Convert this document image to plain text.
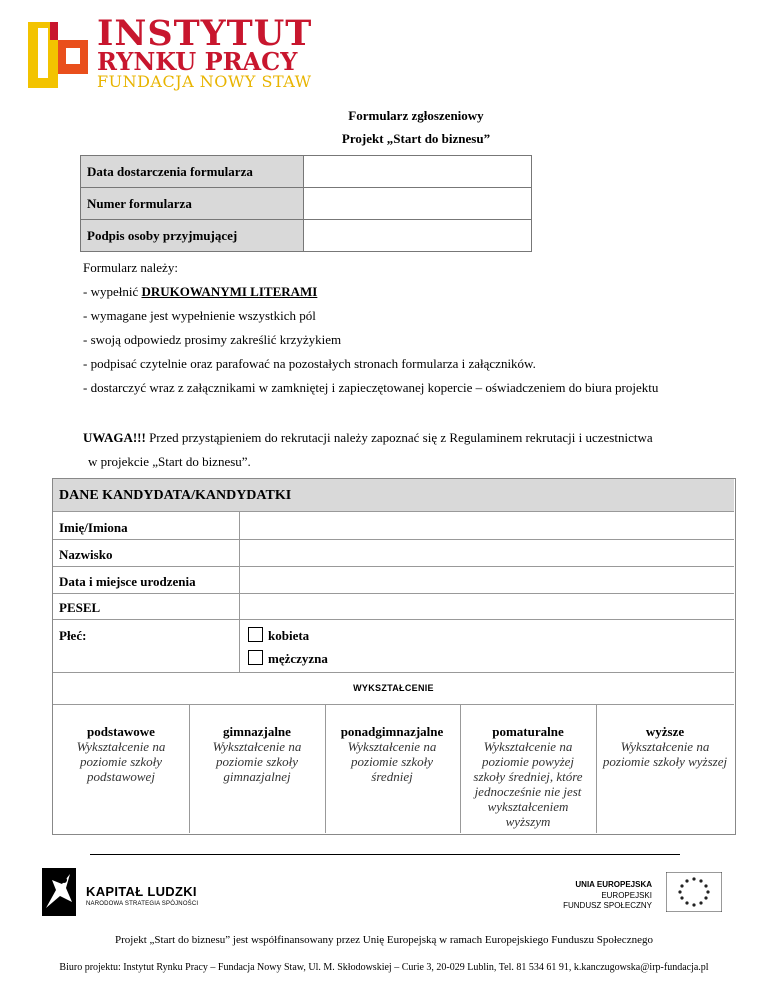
INSTYTUT
RYNKU PRACY
FUNDACJA NOWY STAW
Formularz zgłoszeniowy
Projekt „Start do biznesu”
Data dostarczenia formularza	
Numer formularza	
Podpis osoby przyjmującej	
Formularz należy:
- wypełnić DRUKOWANYMI LITERAMI
- wymagane jest wypełnienie wszystkich pól
- swoją odpowiedz prosimy zakreślić krzyżykiem
- podpisać czytelnie oraz parafować na pozostałych stronach formularza i załączników.
- dostarczyć wraz z załącznikami w zamkniętej i zapieczętowanej kopercie – oświadczeniem do biura projektu
UWAGA!!! Przed przystąpieniem do rekrutacji należy zapoznać się z Regulaminem rekrutacji i uczestnictwa
w projekcie „Start do biznesu”.
DANE KANDYDATA/KANDYDATKI
Imię/Imiona
Nazwisko
Data i miejsce urodzenia
PESEL
Płeć:	kobieta
mężczyzna
WYKSZTAŁCENIE
podstawowe
Wykształcenie na poziomie szkoły podstawowej
gimnazjalne
Wykształcenie na poziomie szkoły gimnazjalnej
ponadgimnazjalne
Wykształcenie na poziomie szkoły średniej
pomaturalne
Wykształcenie na poziomie powyżej szkoły średniej, które jednocześnie nie jest wykształceniem wyższym
wyższe
Wykształcenie na poziomie szkoły wyższej
KAPITAŁ LUDZKI
NARODOWA STRATEGIA SPÓJNOŚCI
UNIA EUROPEJSKA
EUROPEJSKI
FUNDUSZ SPOŁECZNY
Projekt „Start do biznesu” jest współfinansowany przez Unię Europejską w ramach Europejskiego Funduszu Społecznego
Biuro projektu: Instytut Rynku Pracy – Fundacja Nowy Staw, Ul. M. Skłodowskiej – Curie 3, 20-029 Lublin, Tel. 81 534 61 91, k.kanczugowska@irp-fundacja.pl
